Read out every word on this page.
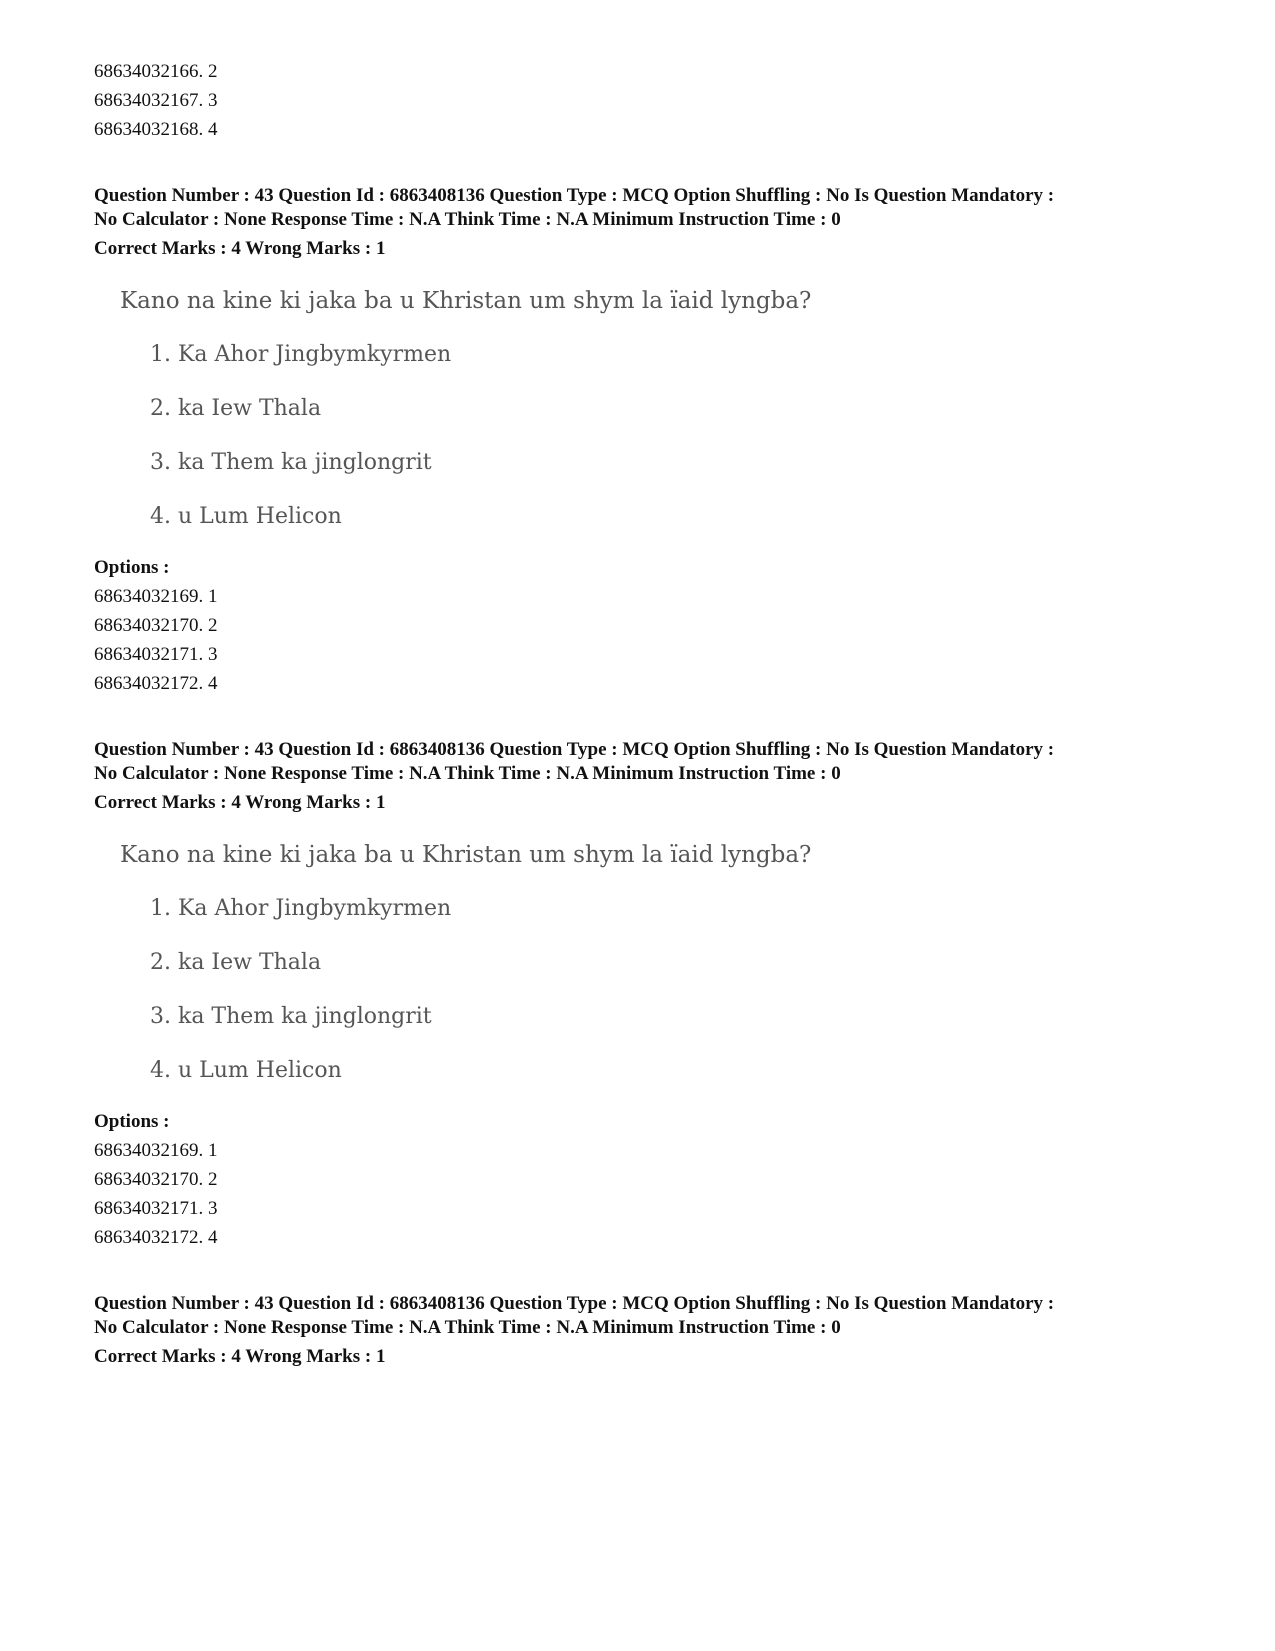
68634032166. 2
68634032167. 3
68634032168. 4

Question Number : 43 Question Id : 6863408136 Question Type : MCQ Option Shuffling : No Is Question Mandatory :

No Calculator : None Response Time : N.A Think Time : N.A Minimum Instruction Time : 0

Correct Marks : 4 Wrong Marks : 1
Kano na kine ki jaka ba u Khristan um shym la ïaid lyngba?
1. Ka Ahor Jingbymkyrmen
2. ka Iew Thala
3. ka Them ka jinglongrit
4. u Lum Helicon
Options :
68634032169. 1
68634032170. 2
68634032171. 3
68634032172. 4

Question Number : 43 Question Id : 6863408136 Question Type : MCQ Option Shuffling : No Is Question Mandatory :

No Calculator : None Response Time : N.A Think Time : N.A Minimum Instruction Time : 0

Correct Marks : 4 Wrong Marks : 1
Kano na kine ki jaka ba u Khristan um shym la ïaid lyngba?
1. Ka Ahor Jingbymkyrmen
2. ka Iew Thala
3. ka Them ka jinglongrit
4. u Lum Helicon
Options :
68634032169. 1
68634032170. 2
68634032171. 3
68634032172. 4

Question Number : 43 Question Id : 6863408136 Question Type : MCQ Option Shuffling : No Is Question Mandatory :

No Calculator : None Response Time : N.A Think Time : N.A Minimum Instruction Time : 0

Correct Marks : 4 Wrong Marks : 1
